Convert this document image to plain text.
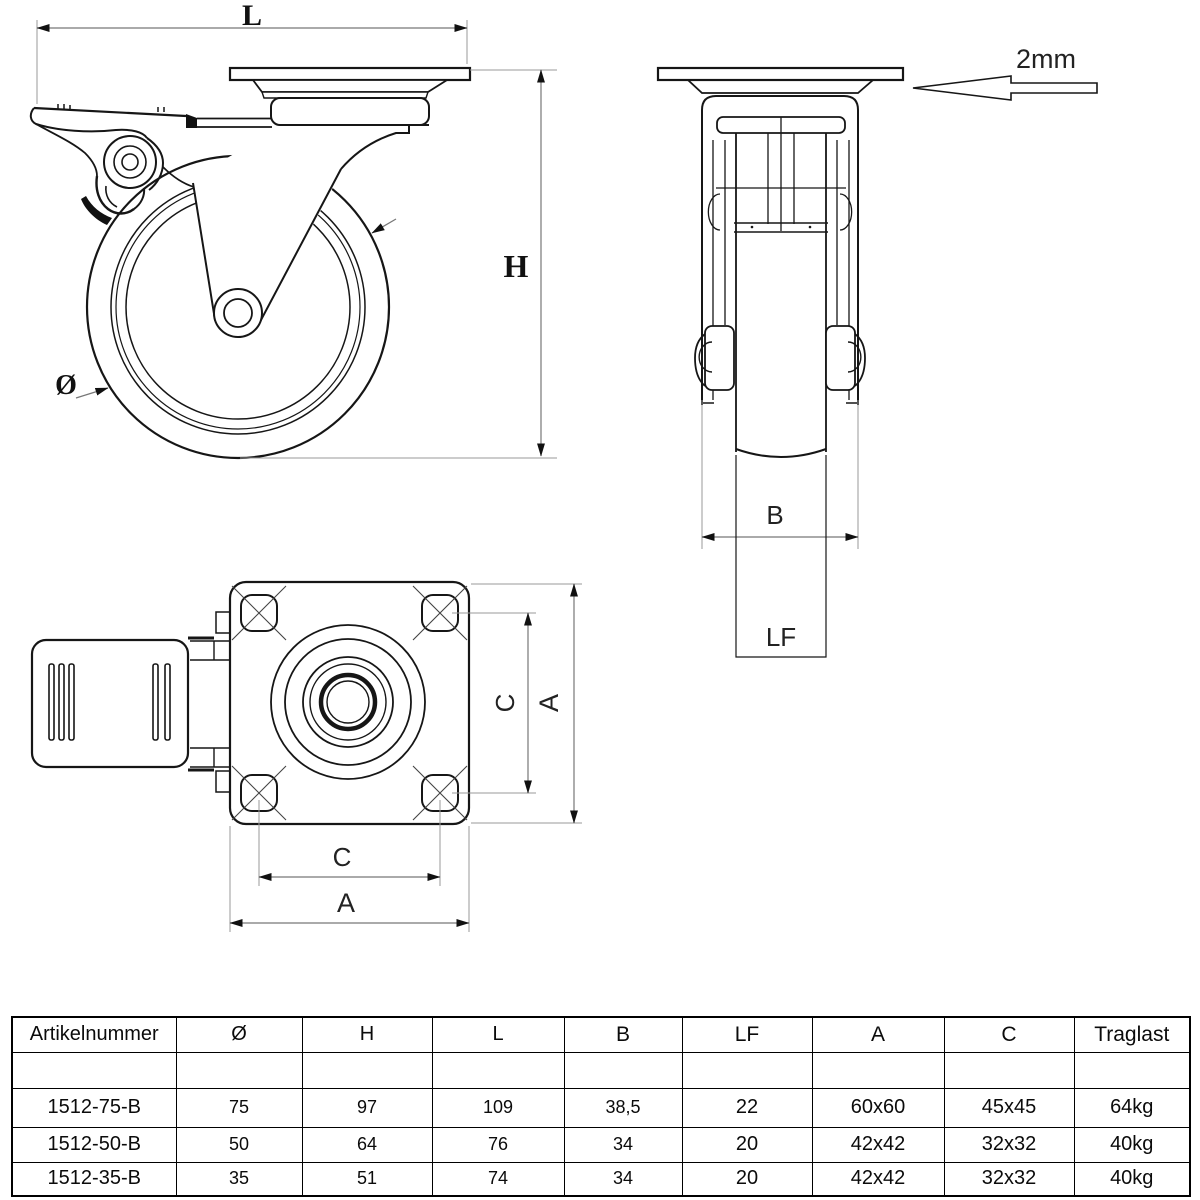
L
H
Ø
2mm
B
LF
C A
C
A
Artikelnummer	Ø	H	L	B	LF	A	C	Traglast

1512-75-B	75	97	109	38,5	22	60x60	45x45	64kg
1512-50-B	50	64	76	34	20	42x42	32x32	40kg
1512-35-B	35	51	74	34	20	42x42	32x32	40kg
